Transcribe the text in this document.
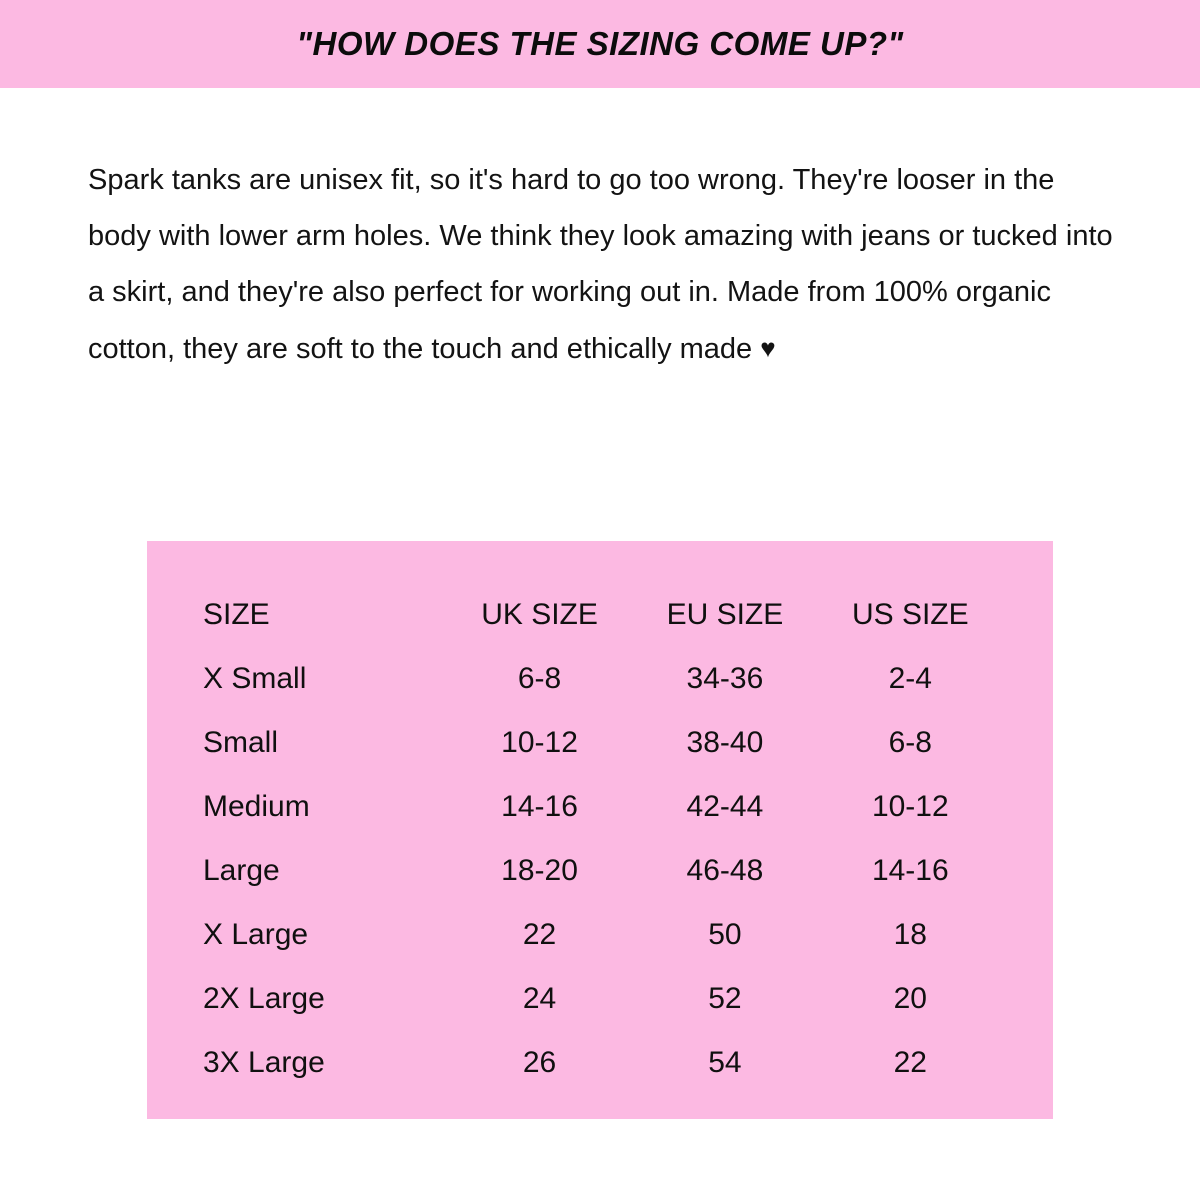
"HOW DOES THE SIZING COME UP?"

Spark tanks are unisex fit, so it's hard to go too wrong. They're looser in the body with lower arm holes. We think they look amazing with jeans or tucked into a skirt, and they're also perfect for working out in. Made from 100% organic cotton, they are soft to the touch and ethically made ♥

SIZE	UK SIZE	EU SIZE	US SIZE
X Small	6-8	34-36	2-4
Small	10-12	38-40	6-8
Medium	14-16	42-44	10-12
Large	18-20	46-48	14-16
X Large	22	50	18
2X Large	24	52	20
3X Large	26	54	22
